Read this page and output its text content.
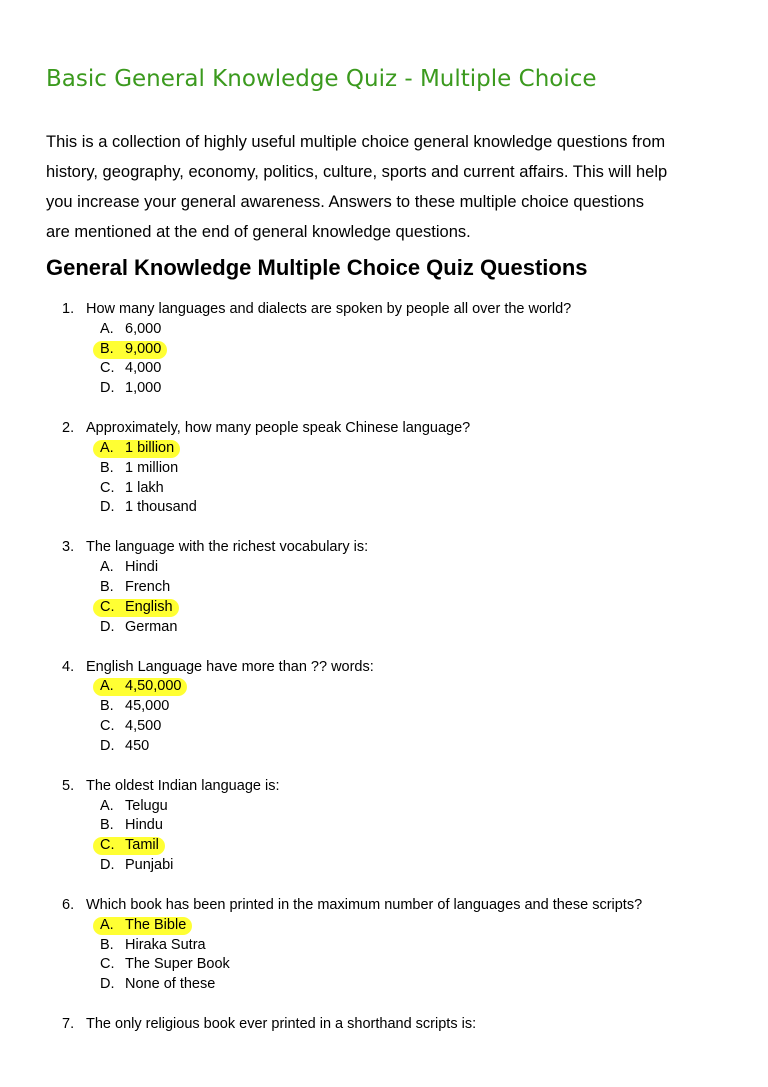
Basic General Knowledge Quiz - Multiple Choice

This is a collection of highly useful multiple choice general knowledge questions from
history, geography, economy, politics, culture, sports and current affairs. This will help
you increase your general awareness. Answers to these multiple choice questions
are mentioned at the end of general knowledge questions.

General Knowledge Multiple Choice Quiz Questions
1. How many languages and dialects are spoken by people all over the world?
A. 6,000
B. 9,000
C. 4,000
D. 1,000
2. Approximately, how many people speak Chinese language?
A. 1 billion
B. 1 million
C. 1 lakh
D. 1 thousand
3. The language with the richest vocabulary is:
A. Hindi
B. French
C. English
D. German
4. English Language have more than ?? words:
A. 4,50,000
B. 45,000
C. 4,500
D. 450
5. The oldest Indian language is:
A. Telugu
B. Hindu
C. Tamil
D. Punjabi
6. Which book has been printed in the maximum number of languages and these scripts?
A. The Bible
B. Hiraka Sutra
C. The Super Book
D. None of these
7. The only religious book ever printed in a shorthand scripts is:
